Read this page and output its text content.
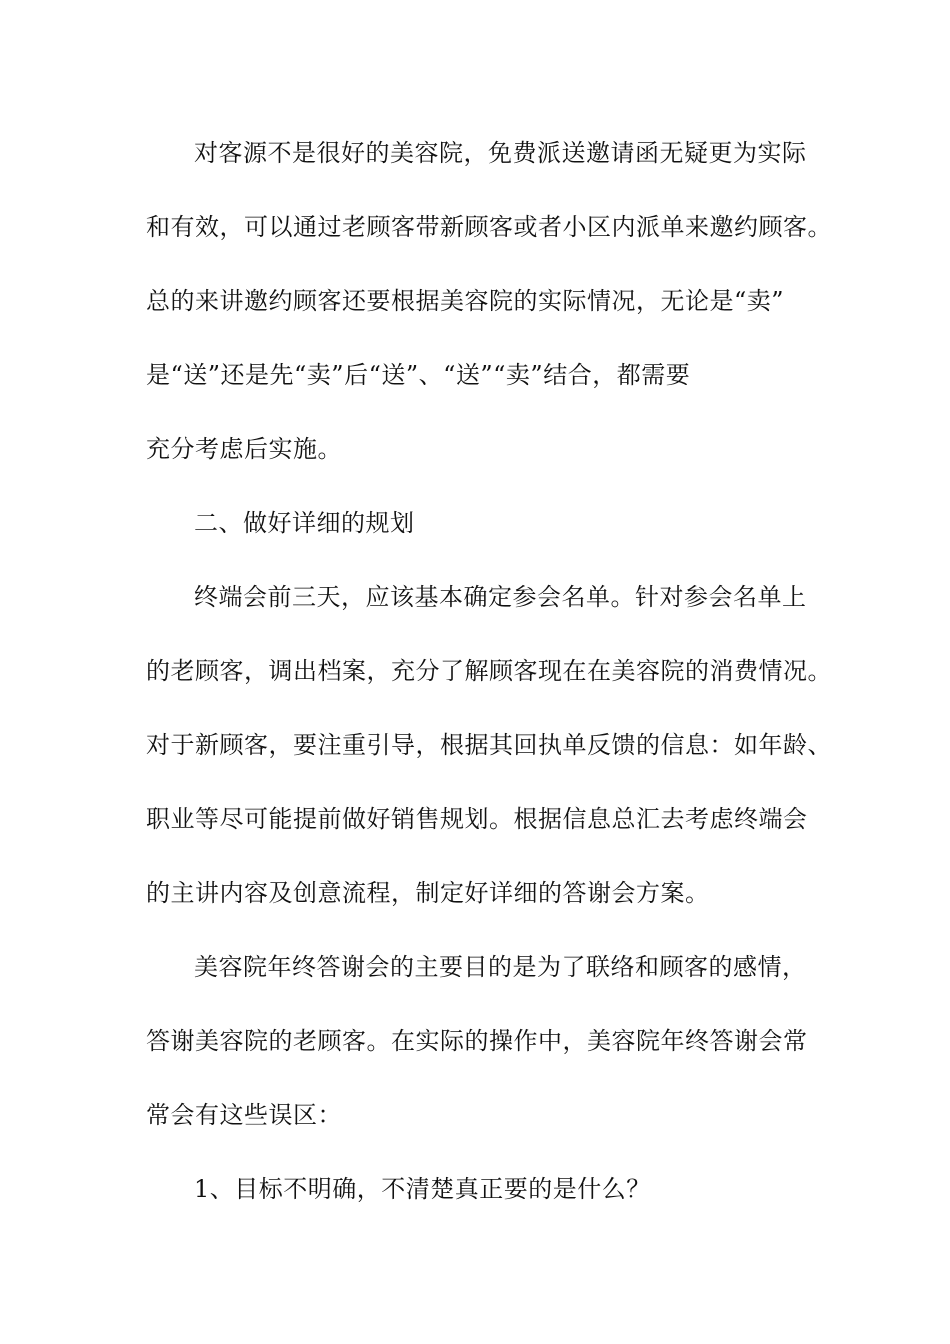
对客源不是很好的美容院，免费派送邀请函无疑更为实际
和有效，可以通过老顾客带新顾客或者小区内派单来邀约顾客。
总的来讲邀约顾客还要根据美容院的实际情况，无论是“卖”
是“送”还是先“卖”后“送”、“送”“卖”结合，都需要
充分考虑后实施。
二、做好详细的规划
终端会前三天，应该基本确定参会名单。针对参会名单上
的老顾客，调出档案，充分了解顾客现在在美容院的消费情况。
对于新顾客，要注重引导，根据其回执单反馈的信息：如年龄、
职业等尽可能提前做好销售规划。根据信息总汇去考虑终端会
的主讲内容及创意流程，制定好详细的答谢会方案。
美容院年终答谢会的主要目的是为了联络和顾客的感情，
答谢美容院的老顾客。在实际的操作中，美容院年终答谢会常
常会有这些误区：
1、目标不明确，不清楚真正要的是什么？
